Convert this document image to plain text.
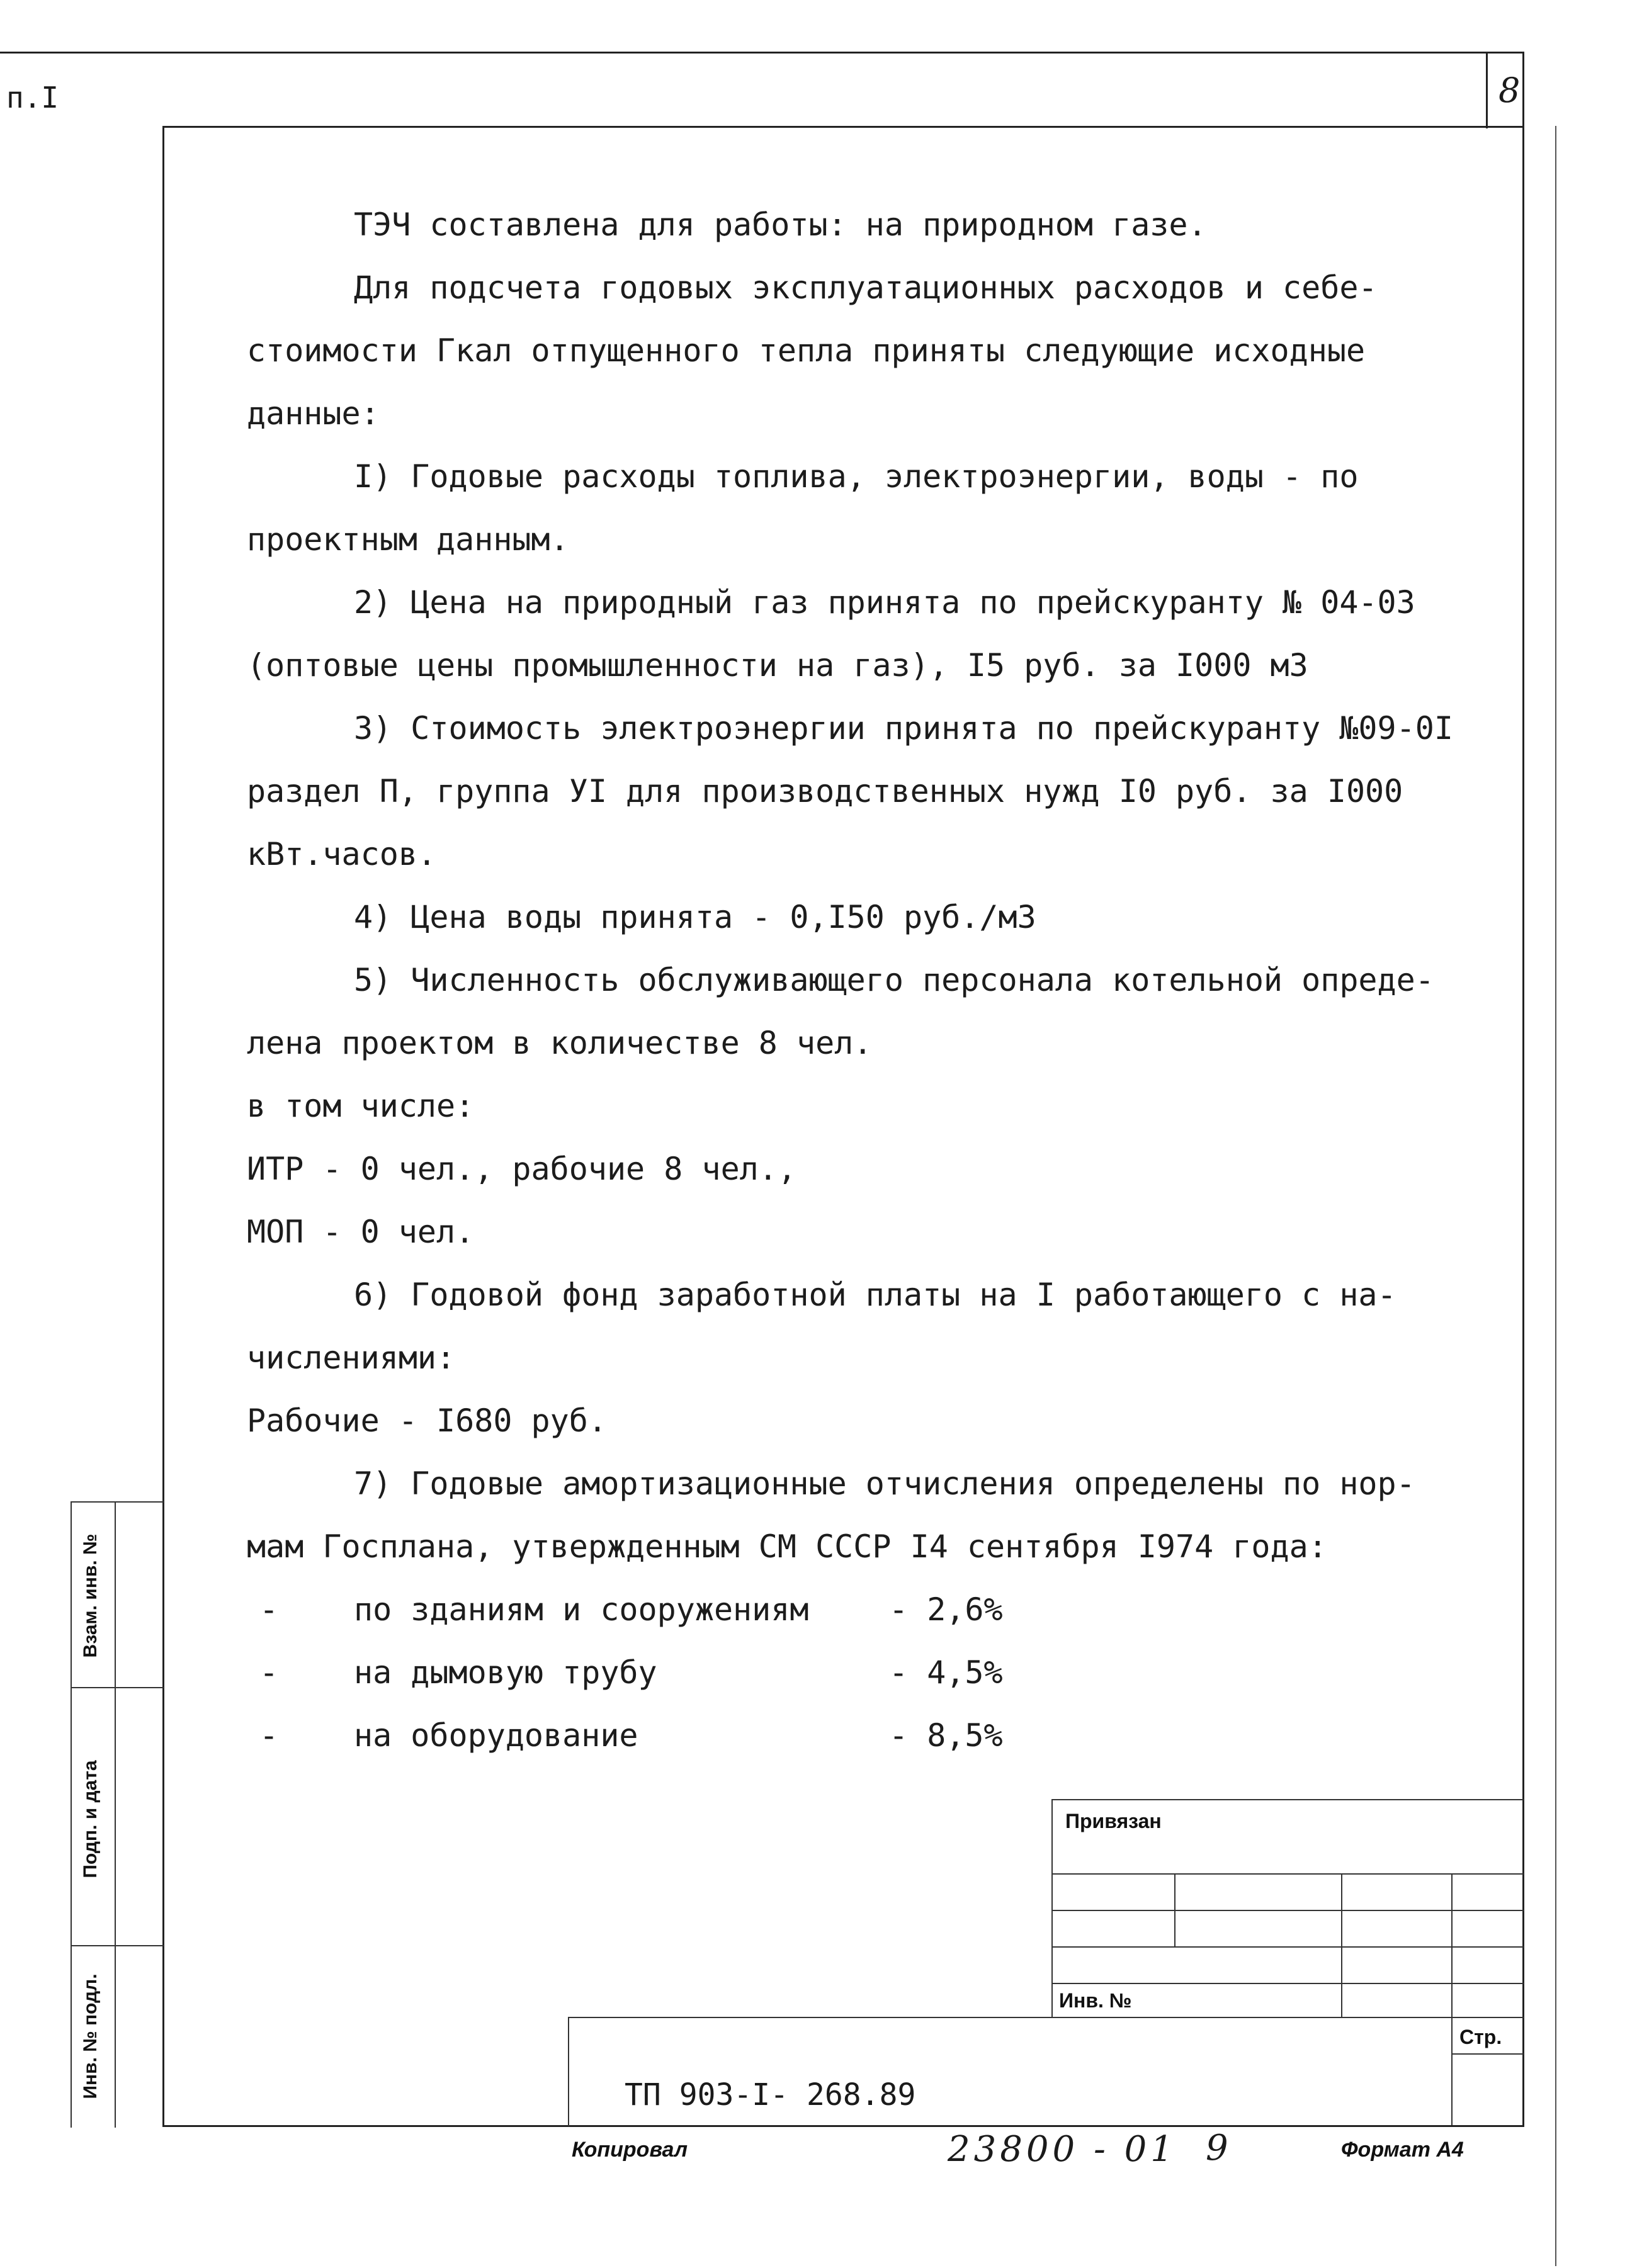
8
п.I
ТЭЧ составлена для работы: на природном газе.
Для подсчета годовых эксплуатационных расходов и себе-
стоимости Гкал отпущенного тепла приняты следующие исходные
данные:
I) Годовые расходы топлива, электроэнергии, воды - по
проектным данным.
2) Цена на природный газ принята по прейскуранту № 04-03
(оптовые цены промышленности на газ), I5 руб. за I000 м3
3) Стоимость электроэнергии принята по прейскуранту №09-0I
раздел П, группа УI для производственных нужд I0 руб. за I000
кВт.часов.
4) Цена воды принята - 0,I50 руб./м3
5) Численность обслуживающего персонала котельной опреде-
лена проектом в количестве 8 чел.
в том числе:
ИТР - 0 чел., рабочие 8 чел.,
МОП - 0 чел.
6) Годовой фонд заработной платы на I работающего с на-
числениями:
Рабочие - I680 руб.
7) Годовые амортизационные отчисления определены по нор-
мам Госплана, утвержденным СМ СССР I4 сентября I974 года:
- по зданиям и сооружениям	- 2,6%
- на дымовую трубу	- 4,5%
- на оборудование	- 8,5%
Взам. инв. №
Подп. и дата
Инв. № подл.
Привязан
Инв. №
Стр.
ТП 903-I- 268.89
Копировал	23800 - 01 9	Формат А4
